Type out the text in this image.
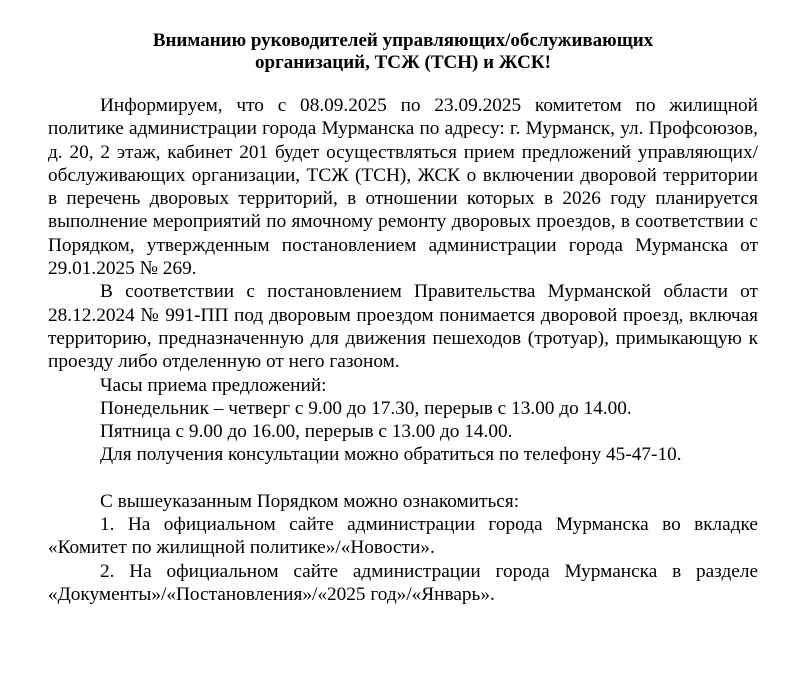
Вниманию руководителей управляющих/обслуживающих
организаций, ТСЖ (ТСН) и ЖСК!

Информируем, что с 08.09.2025 по 23.09.2025 комитетом по жилищной политике администрации города Мурманска по адресу: г. Мурманск, ул. Профсоюзов, д. 20, 2 этаж, кабинет 201 будет осуществляться прием предложений управляющих/обслуживающих организации, ТСЖ (ТСН), ЖСК о включении дворовой территории в перечень дворовых территорий, в отношении которых в 2026 году планируется выполнение мероприятий по ямочному ремонту дворовых проездов, в соответствии с Порядком, утвержденным постановлением администрации города Мурманска от 29.01.2025 № 269.

В соответствии с постановлением Правительства Мурманской области от 28.12.2024 № 991-ПП под дворовым проездом понимается дворовой проезд, включая территорию, предназначенную для движения пешеходов (тротуар), примыкающую к проезду либо отделенную от него газоном.

Часы приема предложений:
Понедельник – четверг с 9.00 до 17.30, перерыв с 13.00 до 14.00.
Пятница с 9.00 до 16.00, перерыв с 13.00 до 14.00.
Для получения консультации можно обратиться по телефону 45-47-10.
С вышеуказанным Порядком можно ознакомиться:

1. На официальном сайте администрации города Мурманска во вкладке «Комитет по жилищной политике»/«Новости».

2. На официальном сайте администрации города Мурманска в разделе «Документы»/«Постановления»/«2025 год»/«Январь».
